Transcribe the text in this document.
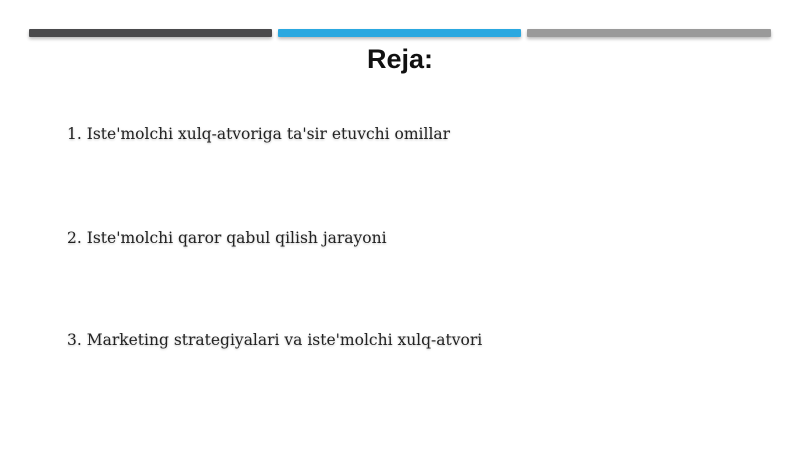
Reja:
1. Iste'molchi xulq-atvoriga ta'sir etuvchi omillar
2. Iste'molchi qaror qabul qilish jarayoni
3. Marketing strategiyalari va iste'molchi xulq-atvori
